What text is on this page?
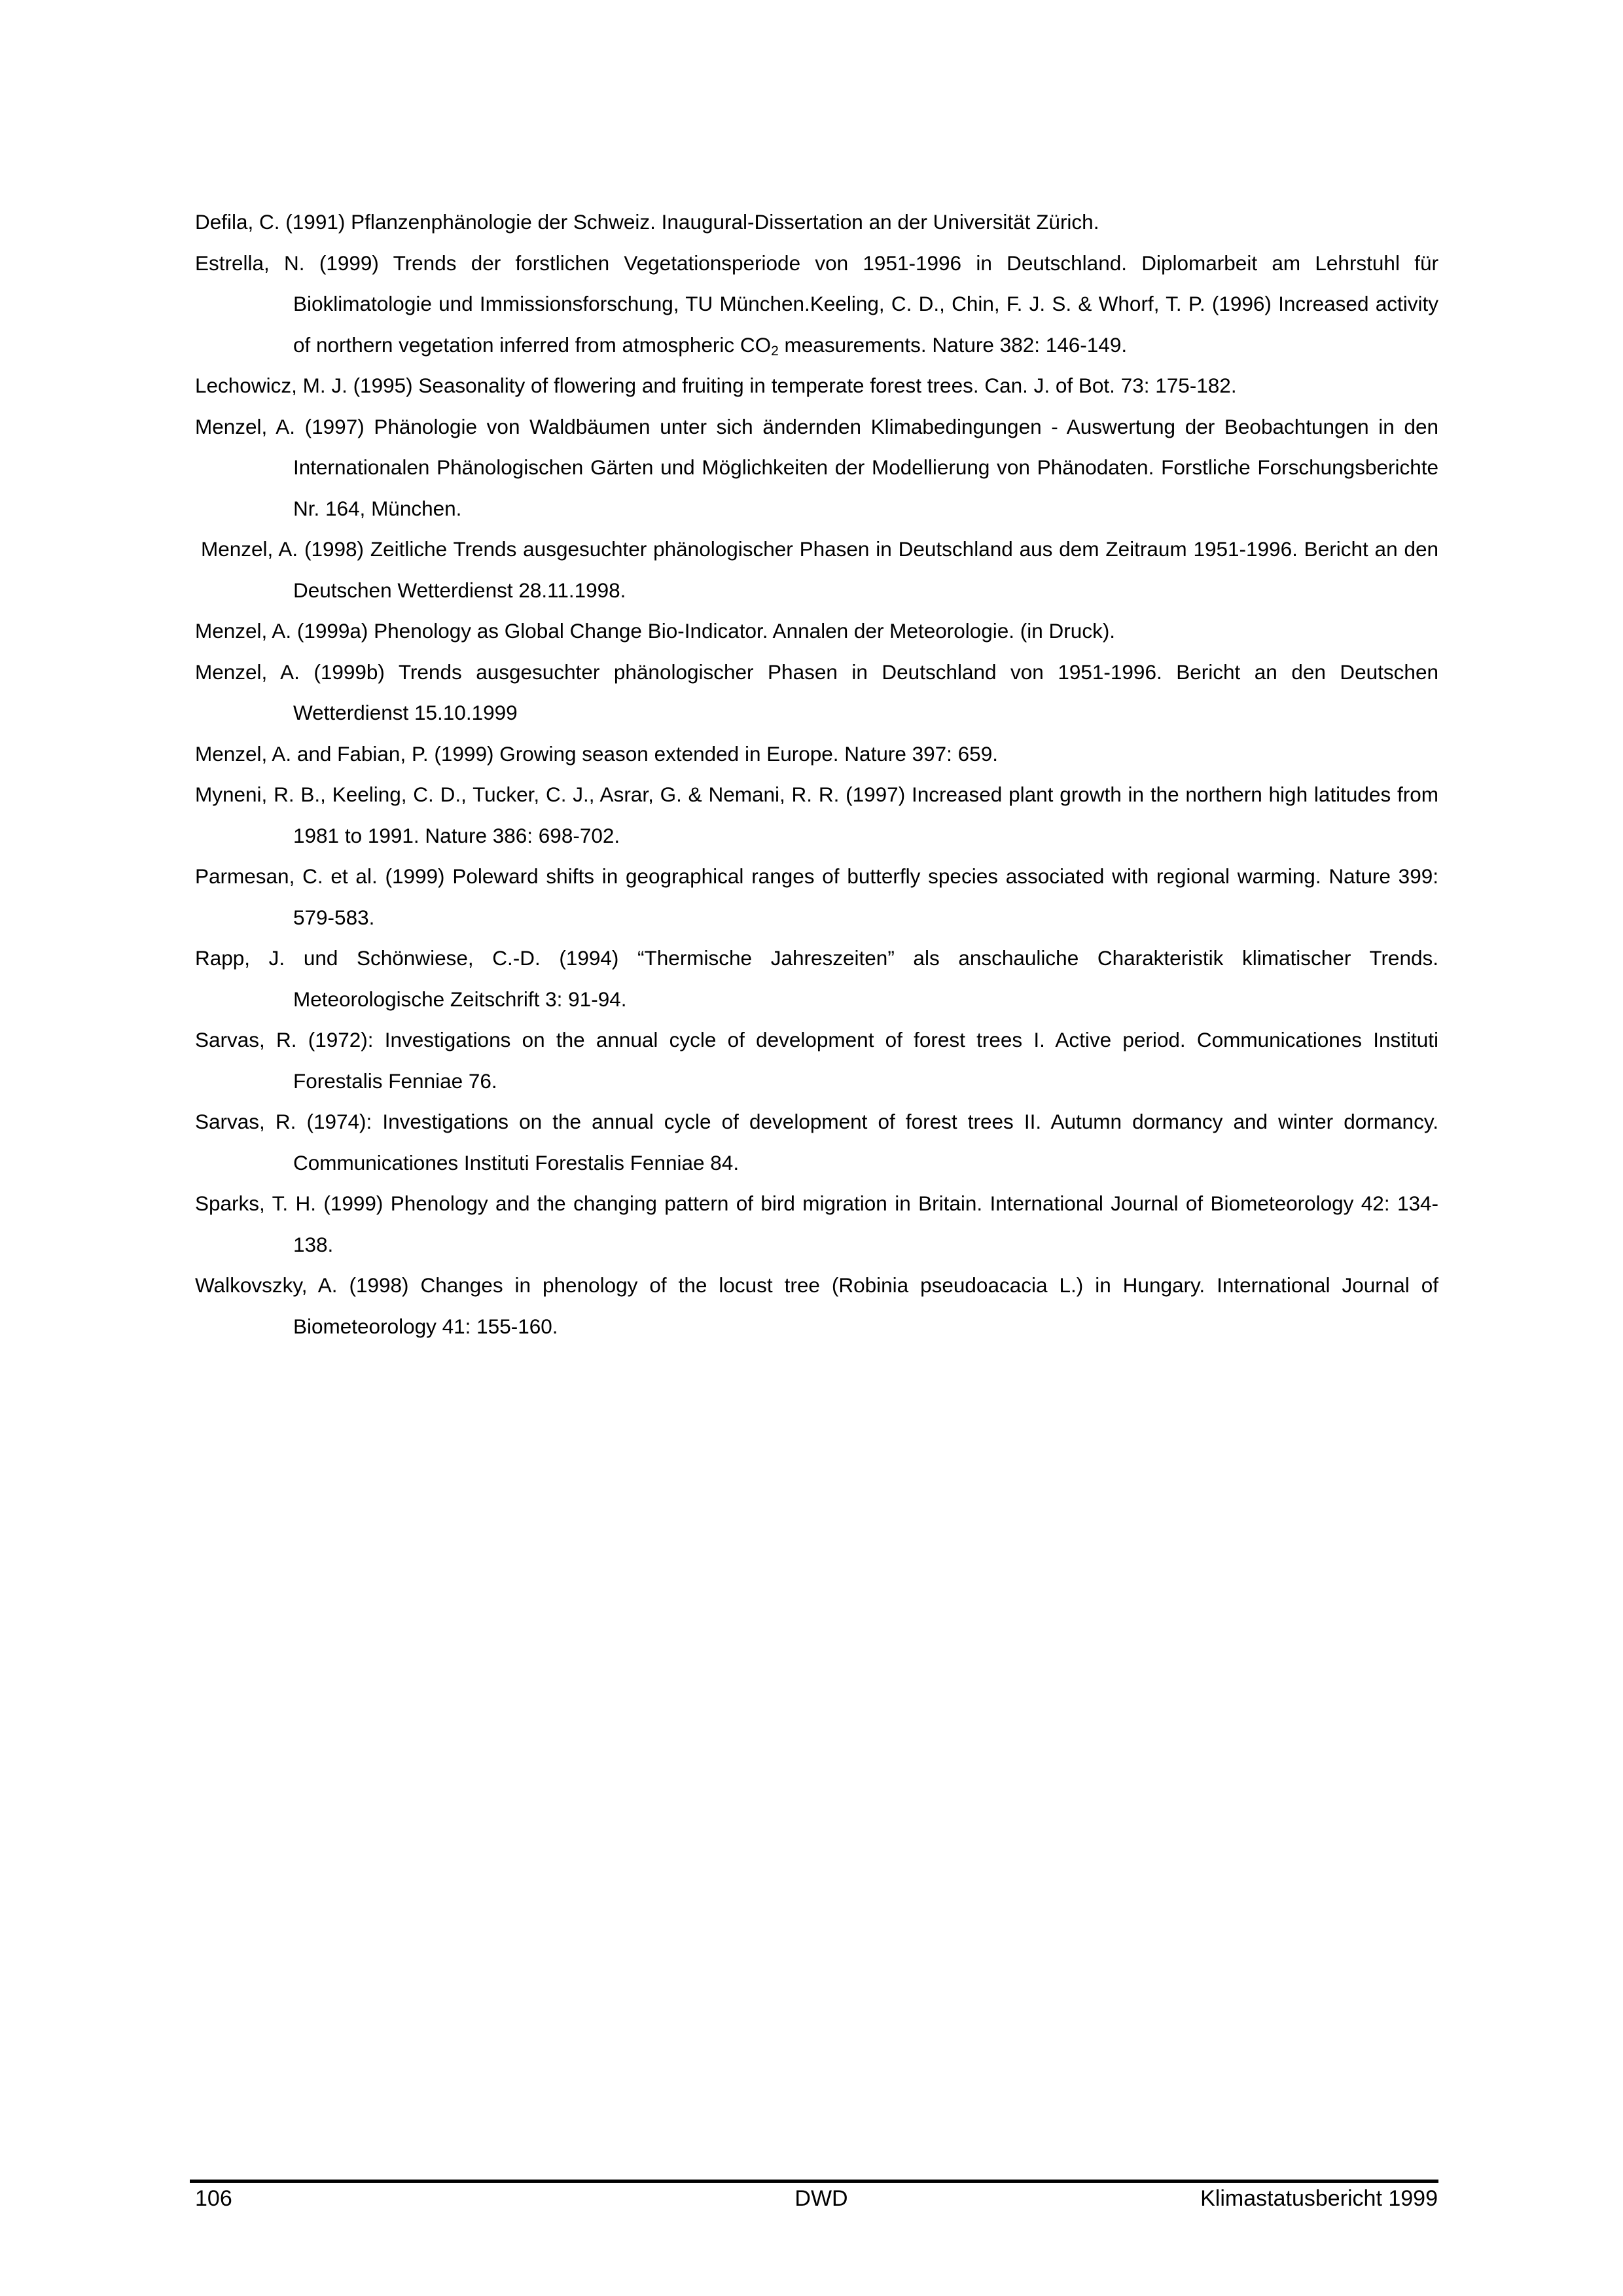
Defila, C. (1991) Pflanzenphänologie der Schweiz. Inaugural-Dissertation an der Universität Zürich.

Estrella, N. (1999) Trends der forstlichen Vegetationsperiode von 1951-1996 in Deutschland. Diplomarbeit am Lehrstuhl für Bioklimatologie und Immissionsforschung, TU München.Keeling, C. D., Chin, F. J. S. & Whorf, T. P. (1996) Increased activity of northern vegetation inferred from atmospheric $CO_2$ measurements. Nature 382: 146-149.

Lechowicz, M. J. (1995) Seasonality of flowering and fruiting in temperate forest trees. Can. J. of Bot. 73: 175-182.

Menzel, A. (1997) Phänologie von Waldbäumen unter sich ändernden Klimabedingungen - Auswertung der Beobachtungen in den Internationalen Phänologischen Gärten und Möglichkeiten der Modellierung von Phänodaten. Forstliche Forschungsberichte Nr. 164, München.

Menzel, A. (1998) Zeitliche Trends ausgesuchter phänologischer Phasen in Deutschland aus dem Zeitraum 1951-1996. Bericht an den Deutschen Wetterdienst 28.11.1998.

Menzel, A. (1999a) Phenology as Global Change Bio-Indicator. Annalen der Meteorologie. (in Druck).

Menzel, A. (1999b) Trends ausgesuchter phänologischer Phasen in Deutschland von 1951-1996. Bericht an den Deutschen Wetterdienst 15.10.1999

Menzel, A. and Fabian, P. (1999) Growing season extended in Europe. Nature 397: 659.

Myneni, R. B., Keeling, C. D., Tucker, C. J., Asrar, G. & Nemani, R. R. (1997) Increased plant growth in the northern high latitudes from 1981 to 1991. Nature 386: 698-702.

Parmesan, C. et al. (1999) Poleward shifts in geographical ranges of butterfly species associated with regional warming. Nature 399: 579-583.

Rapp, J. und Schönwiese, C.-D. (1994) “Thermische Jahreszeiten” als anschauliche Charakteristik klimatischer Trends. Meteorologische Zeitschrift 3: 91-94.

Sarvas, R. (1972): Investigations on the annual cycle of development of forest trees I. Active period. Communicationes Instituti Forestalis Fenniae 76.

Sarvas, R. (1974): Investigations on the annual cycle of development of forest trees II. Autumn dormancy and winter dormancy. Communicationes Instituti Forestalis Fenniae 84.

Sparks, T. H. (1999) Phenology and the changing pattern of bird migration in Britain. International Journal of Biometeorology 42: 134-138.

Walkovszky, A. (1998) Changes in phenology of the locust tree (Robinia pseudoacacia L.) in Hungary. International Journal of Biometeorology 41: 155-160.

106	DWD	Klimastatusbericht 1999
